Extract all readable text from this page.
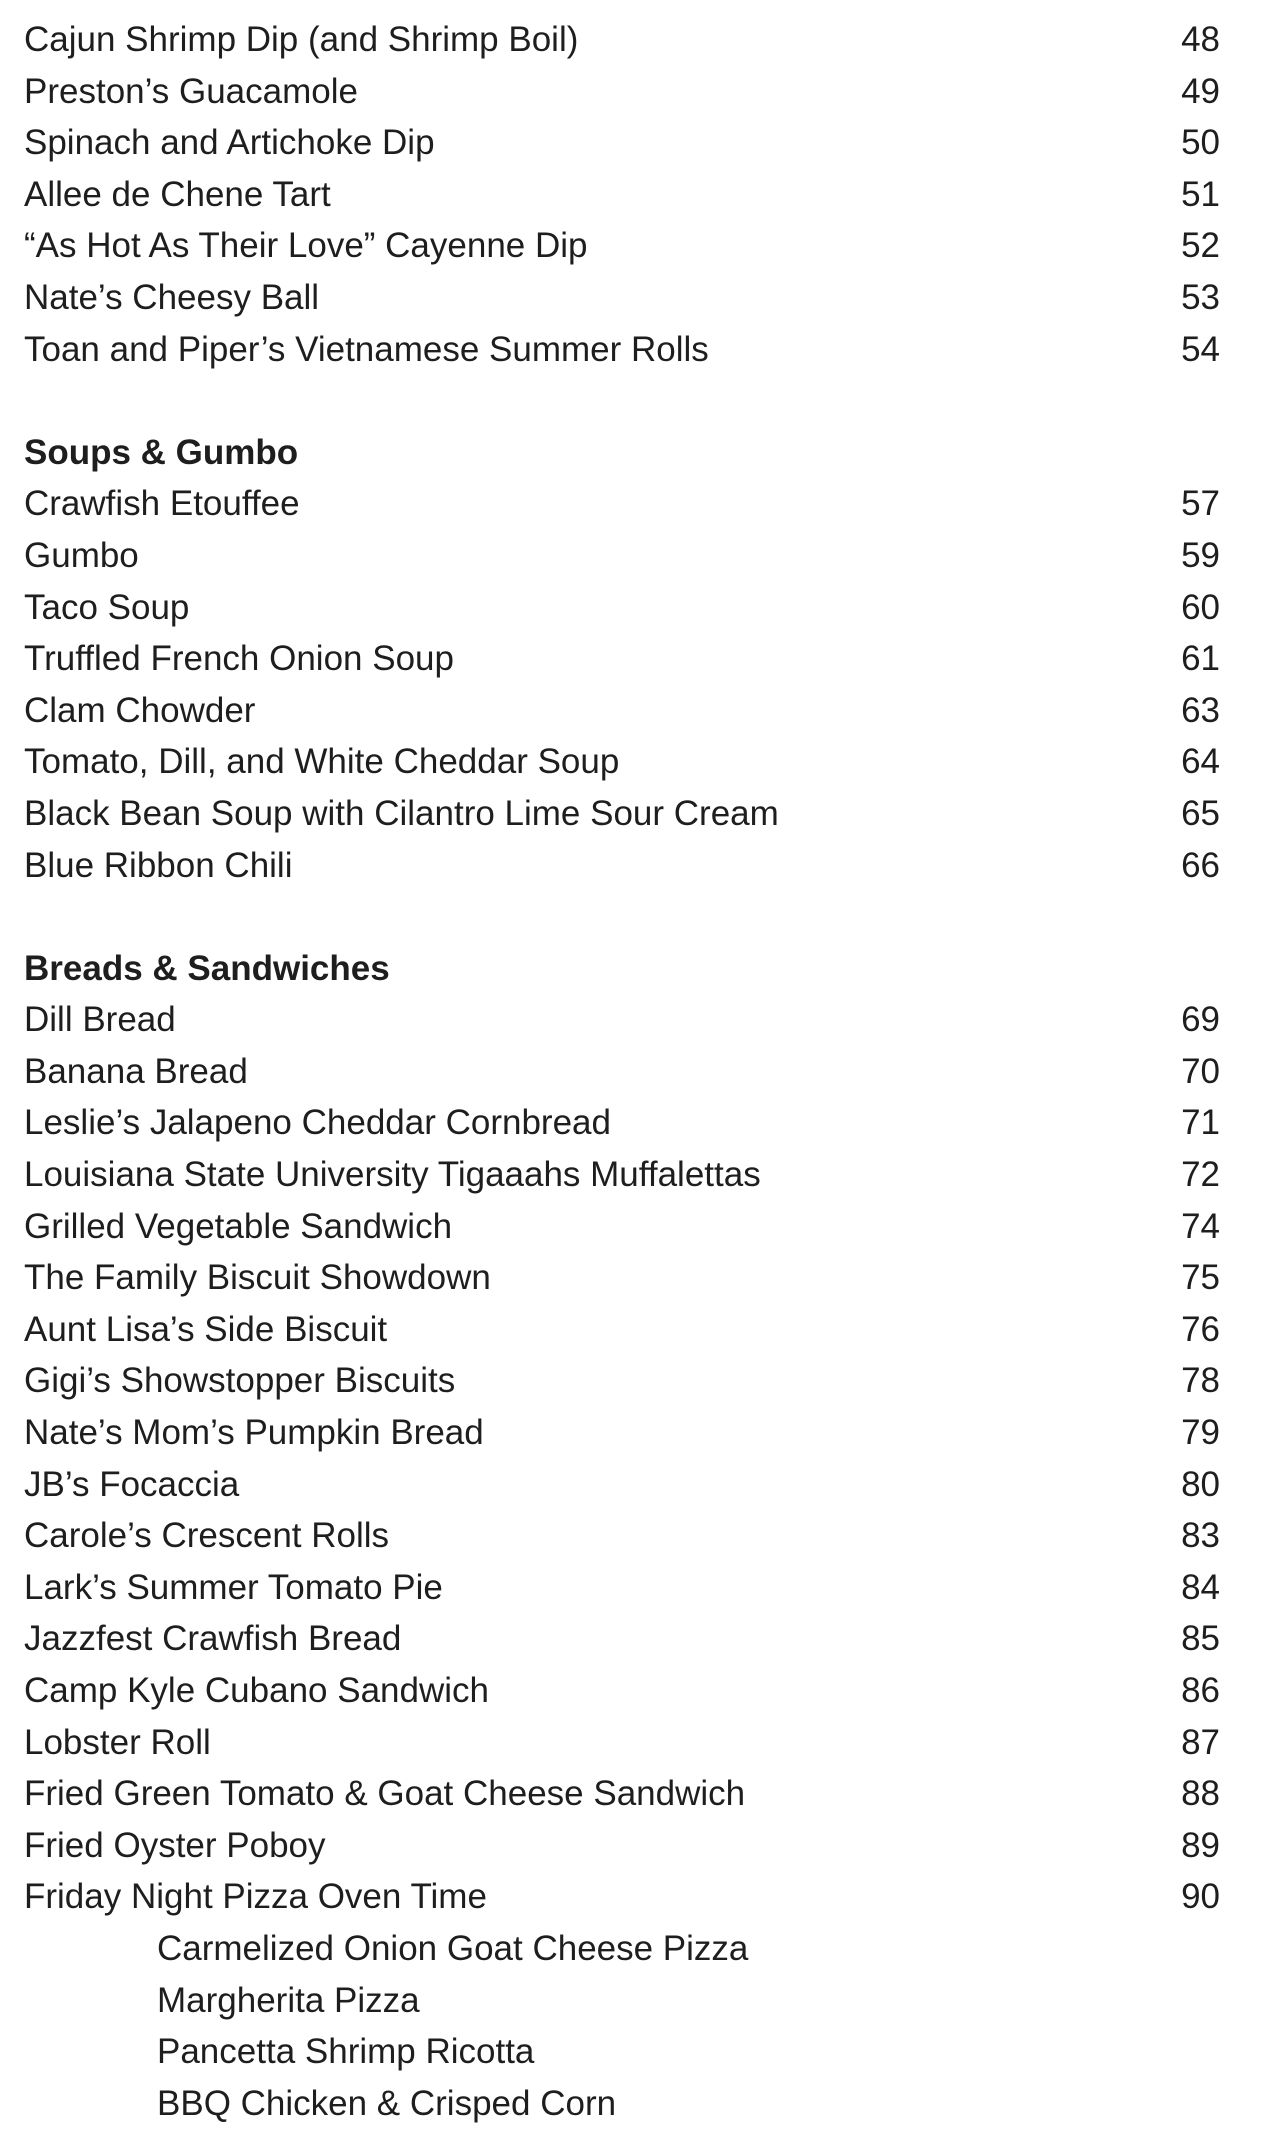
Cajun Shrimp Dip (and Shrimp Boil)	48
Preston’s Guacamole	49
Spinach and Artichoke Dip	50
Allee de Chene Tart	51
“As Hot As Their Love” Cayenne Dip	52
Nate’s Cheesy Ball	53
Toan and Piper’s Vietnamese Summer Rolls	54
Soups & Gumbo
Crawfish Etouffee	57
Gumbo	59
Taco Soup	60
Truffled French Onion Soup	61
Clam Chowder	63
Tomato, Dill, and White Cheddar Soup	64
Black Bean Soup with Cilantro Lime Sour Cream	65
Blue Ribbon Chili	66
Breads & Sandwiches
Dill Bread	69
Banana Bread	70
Leslie’s Jalapeno Cheddar Cornbread	71
Louisiana State University Tigaaahs Muffalettas	72
Grilled Vegetable Sandwich	74
The Family Biscuit Showdown	75
Aunt Lisa’s Side Biscuit	76
Gigi’s Showstopper Biscuits	78
Nate’s Mom’s Pumpkin Bread	79
JB’s Focaccia	80
Carole’s Crescent Rolls	83
Lark’s Summer Tomato Pie	84
Jazzfest Crawfish Bread	85
Camp Kyle Cubano Sandwich	86
Lobster Roll	87
Fried Green Tomato & Goat Cheese Sandwich	88
Fried Oyster Poboy	89
Friday Night Pizza Oven Time	90
Carmelized Onion Goat Cheese Pizza
Margherita Pizza
Pancetta Shrimp Ricotta
BBQ Chicken & Crisped Corn
